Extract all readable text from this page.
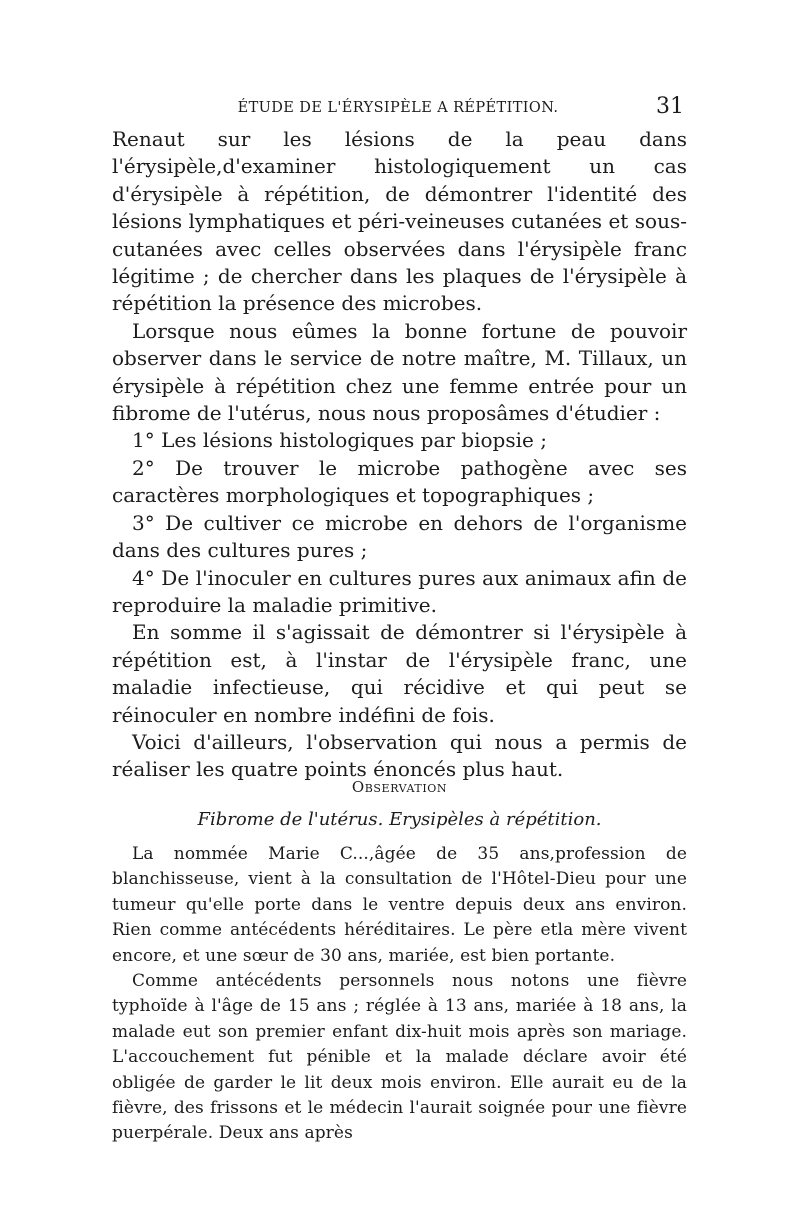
ÉTUDE DE L'ÉRYSIPÈLE A RÉPÉTITION.	31

Renaut sur les lésions de la peau dans l'érysipèle,d'examiner histologiquement un cas d'érysipèle à répétition, de démontrer l'identité des lésions lymphatiques et péri-veineuses cutanées et sous-cutanées avec celles observées dans l'érysipèle franc légitime ; de chercher dans les plaques de l'érysipèle à répétition la présence des microbes.

Lorsque nous eûmes la bonne fortune de pouvoir observer dans le service de notre maître, M. Tillaux, un érysipèle à répétition chez une femme entrée pour un fibrome de l'utérus, nous nous proposâmes d'étudier :

1° Les lésions histologiques par biopsie ;

2° De trouver le microbe pathogène avec ses caractères morphologiques et topographiques ;

3° De cultiver ce microbe en dehors de l'organisme dans des cultures pures ;

4° De l'inoculer en cultures pures aux animaux afin de reproduire la maladie primitive.

En somme il s'agissait de démontrer si l'érysipèle à répétition est, à l'instar de l'érysipèle franc, une maladie infectieuse, qui récidive et qui peut se réinoculer en nombre indéfini de fois.

Voici d'ailleurs, l'observation qui nous a permis de réaliser les quatre points énoncés plus haut.

Observation

Fibrome de l'utérus. Erysipèles à répétition.

La nommée Marie C...,âgée de 35 ans,profession de blanchisseuse, vient à la consultation de l'Hôtel-Dieu pour une tumeur qu'elle porte dans le ventre depuis deux ans environ. Rien comme antécédents héréditaires. Le père etla mère vivent encore, et une sœur de 30 ans, mariée, est bien portante.

Comme antécédents personnels nous notons une fièvre typhoïde à l'âge de 15 ans ; réglée à 13 ans, mariée à 18 ans, la malade eut son premier enfant dix-huit mois après son mariage. L'accouchement fut pénible et la malade déclare avoir été obligée de garder le lit deux mois environ. Elle aurait eu de la fièvre, des frissons et le médecin l'aurait soignée pour une fièvre puerpérale. Deux ans après
